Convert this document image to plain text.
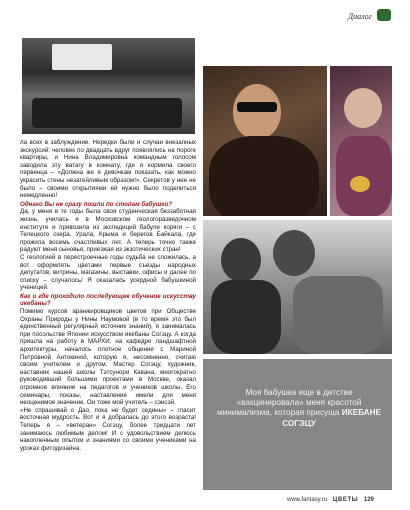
Диалог

ла всех в заблуждение. Нередки были и случаи внезапных экскурсий: человек по двадцать вдруг появлялись на пороге квартиры, и Нина Владимировна командным голосом заводила эту ватагу в комнату, где я кормила своего первенца – «Должна же я девочкам показать, как можно украсить стены незатейливым образом!». Секретов у нее не было – своими открытиями ей нужно было поделиться немедленно!

Однако Вы не сразу пошли по стопам бабушки?

Да, у меня в те годы была своя студенческая беззаботная жизнь, училась я в Московском геологоразведочном институте и привозила из экспедиций бабуле коряги – с Телецкого озера, Урала, Крыма и берегов Байкала, где прожила восемь счастливых лет. А теперь точно также радуют меня сыновья, приезжая из экзотических стран!

С геологией в перестроечные годы судьба не сложилась, а вот оформлять цветами первые съезды народных депутатов, витрины, магазины, выставки, офисы и далее по списку – случалось! Я оказалась усердной бабушкиной ученицей.

Как и где проходило последующее обучение искусству икебаны?

Помимо курсов аранжировщиков цветов при Обществе Охраны Природы у Нины Наумовой (в то время это был единственный регулярный источник знаний), я занималась при посольстве Японии искусством икебаны Согэцу. А когда пришла на работу в МАРХИ, на кафедре ландшафтной архитектуры, началось плотное общение с Мариной Петровной Антокиной, которую я, несомненно, считаю своим учителем и другом. Мастер Согэцу, художник, наставник нашей школы Тэтсунори Кавана, многократно руководивший большими проектами в Москве, оказал огромное влияние на педагогов и учеников школы. Его семинары, показы, наставления имели для меня неоценимое значение. Он тоже мой учитель – сэнсэй.

«Не спрашивай о Дао, пока не будет седины» – гласит восточная мудрость. Вот и я добралась до этого возраста! Теперь я – «ветеран» Согэцу, более тридцати лет занимаюсь любимым делом! И с удовольствием делюсь накопленным опытом и знаниями со своими учениками на уроках фитодизайна.

Моя бабушка еще в детстве «вакцинировала» меня красотой минимализма, которая присуща ИКЕБАНЕ СОГЭЦУ
www.fantasy.ru ЦВЕТЫ 129
